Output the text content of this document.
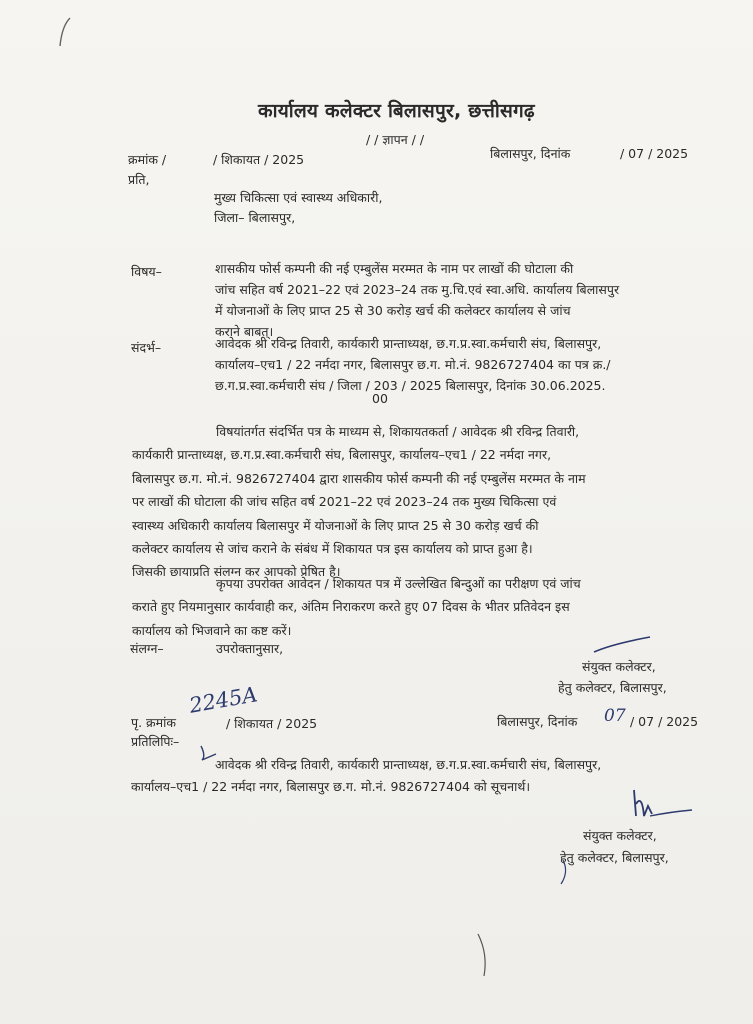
कार्यालय कलेक्टर बिलासपुर, छत्तीसगढ़
/ / ज्ञापन / /
क्रमांक /	/ शिकायत / 2025	बिलासपुर, दिनांक	/ 07 / 2025
प्रति,
मुख्य चिकित्सा एवं स्वास्थ्य अधिकारी,
जिला– बिलासपुर,
विषय–	शासकीय फोर्स कम्पनी की नई एम्बुलेंस मरम्मत के नाम पर लाखों की घोटाला की
जांच सहित वर्ष 2021–22 एवं 2023–24 तक मु.चि.एवं स्वा.अधि. कार्यालय बिलासपुर
में योजनाओं के लिए प्राप्त 25 से 30 करोड़ खर्च की कलेक्टर कार्यालय से जांच
कराने बाबत्।
संदर्भ–	आवेदक श्री रविन्द्र तिवारी, कार्यकारी प्रान्ताध्यक्ष, छ.ग.प्र.स्वा.कर्मचारी संघ, बिलासपुर,
कार्यालय–एच1 / 22 नर्मदा नगर, बिलासपुर छ.ग. मो.नं. 9826727404 का पत्र क्र./
छ.ग.प्र.स्वा.कर्मचारी संघ / जिला / 203 / 2025 बिलासपुर, दिनांक 30.06.2025.
00
विषयांतर्गत संदर्भित पत्र के माध्यम से, शिकायतकर्ता / आवेदक श्री रविन्द्र तिवारी,
कार्यकारी प्रान्ताध्यक्ष, छ.ग.प्र.स्वा.कर्मचारी संघ, बिलासपुर, कार्यालय–एच1 / 22 नर्मदा नगर,
बिलासपुर छ.ग. मो.नं. 9826727404 द्वारा शासकीय फोर्स कम्पनी की नई एम्बुलेंस मरम्मत के नाम
पर लाखों की घोटाला की जांच सहित वर्ष 2021–22 एवं 2023–24 तक मुख्य चिकित्सा एवं
स्वास्थ्य अधिकारी कार्यालय बिलासपुर में योजनाओं के लिए प्राप्त 25 से 30 करोड़ खर्च की
कलेक्टर कार्यालय से जांच कराने के संबंध में शिकायत पत्र इस कार्यालय को प्राप्त हुआ है।
जिसकी छायाप्रति संलग्न कर आपको प्रेषित है।
कृपया उपरोक्त आवेदन / शिकायत पत्र में उल्लेखित बिन्दुओं का परीक्षण एवं जांच
कराते हुए नियमानुसार कार्यवाही कर, अंतिम निराकरण करते हुए 07 दिवस के भीतर प्रतिवेदन इस
कार्यालय को भिजवाने का कष्ट करें।
संलग्न–	उपरोक्तानुसार,
संयुक्त कलेक्टर,
हेतु कलेक्टर, बिलासपुर,
पृ. क्रमांक
2245A
/ शिकायत / 2025	बिलासपुर, दिनांक 07 / 07 / 2025
प्रतिलिपिः–
आवेदक श्री रविन्द्र तिवारी, कार्यकारी प्रान्ताध्यक्ष, छ.ग.प्र.स्वा.कर्मचारी संघ, बिलासपुर,
कार्यालय–एच1 / 22 नर्मदा नगर, बिलासपुर छ.ग. मो.नं. 9826727404 को सूचनार्थ।
संयुक्त कलेक्टर,
हेतु कलेक्टर, बिलासपुर,
